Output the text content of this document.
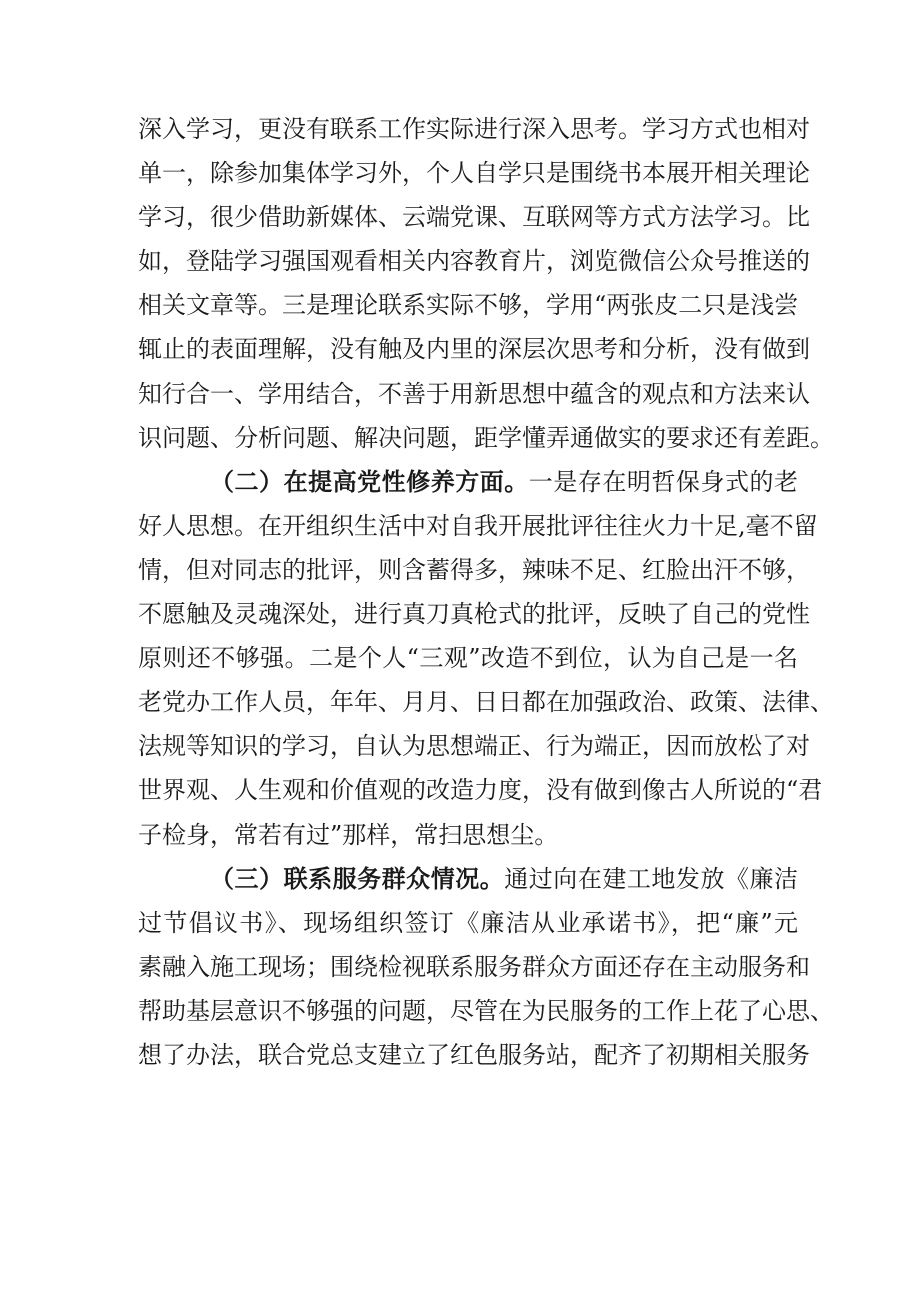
深入学习，更没有联系工作实际进行深入思考。学习方式也相对
单一，除参加集体学习外，个人自学只是围绕书本展开相关理论
学习，很少借助新媒体、云端党课、互联网等方式方法学习。比
如，登陆学习强国观看相关内容教育片，浏览微信公众号推送的
相关文章等。三是理论联系实际不够，学用“两张皮二只是浅尝
辄止的表面理解，没有触及内里的深层次思考和分析，没有做到
知行合一、学用结合，不善于用新思想中蕴含的观点和方法来认
识问题、分析问题、解决问题，距学懂弄通做实的要求还有差距。
（二）在提高党性修养方面。一是存在明哲保身式的老
好人思想。在开组织生活中对自我开展批评往往火力十足,毫不留
情，但对同志的批评，则含蓄得多，辣味不足、红脸出汗不够，
不愿触及灵魂深处，进行真刀真枪式的批评，反映了自己的党性
原则还不够强。二是个人“三观”改造不到位，认为自己是一名
老党办工作人员，年年、月月、日日都在加强政治、政策、法律、
法规等知识的学习，自认为思想端正、行为端正，因而放松了对
世界观、人生观和价值观的改造力度，没有做到像古人所说的“君
子检身，常若有过”那样，常扫思想尘。
（三）联系服务群众情况。通过向在建工地发放《廉洁
过节倡议书》、现场组织签订《廉洁从业承诺书》，把“廉”元
素融入施工现场；围绕检视联系服务群众方面还存在主动服务和
帮助基层意识不够强的问题，尽管在为民服务的工作上花了心思、
想了办法，联合党总支建立了红色服务站，配齐了初期相关服务
